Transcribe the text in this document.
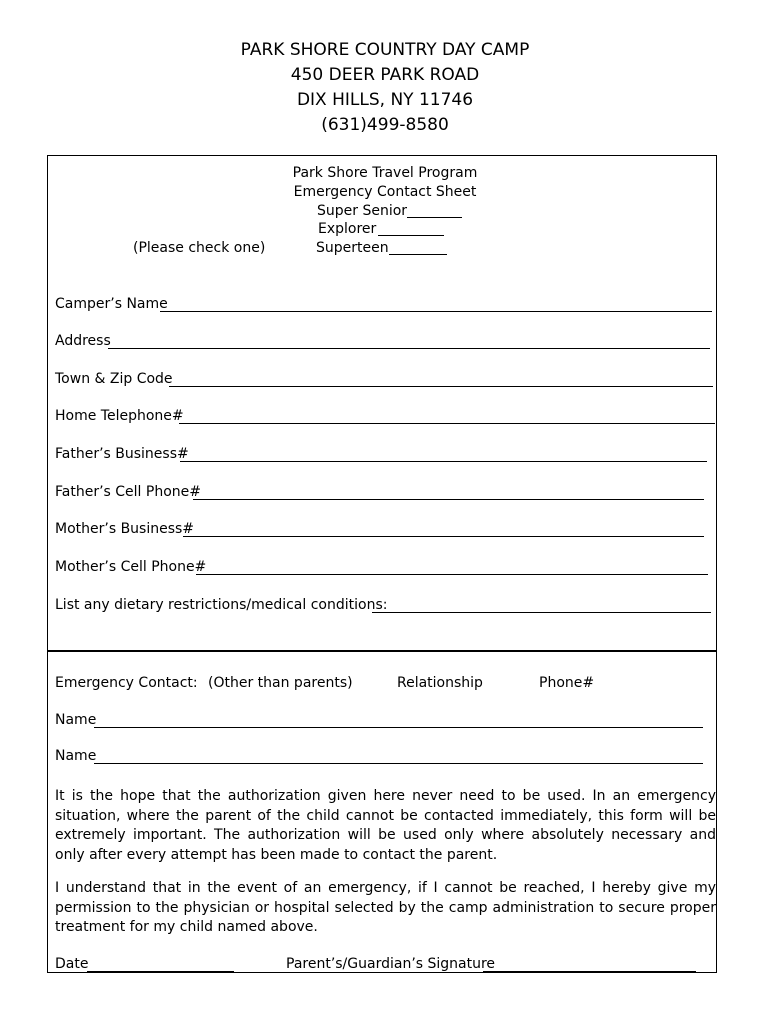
PARK SHORE COUNTRY DAY CAMP
450 DEER PARK ROAD
DIX HILLS, NY 11746
(631)499-8580
Park Shore Travel Program
Emergency Contact Sheet
Super Senior
Explorer
(Please check one)	Superteen
Camper’s Name
Address
Town & Zip Code
Home Telephone#
Father’s Business#
Father’s Cell Phone#
Mother’s Business#
Mother’s Cell Phone#
List any dietary restrictions/medical conditions:
Emergency Contact: (Other than parents)	Relationship	Phone#
Name
Name

It is the hope that the authorization given here never need to be used. In an emergency situation, where the parent of the child cannot be contacted immediately, this form will be extremely important. The authorization will be used only where absolutely necessary and only after every attempt has been made to contact the parent.

I understand that in the event of an emergency, if I cannot be reached, I hereby give my permission to the physician or hospital selected by the camp administration to secure proper treatment for my child named above.

Date	Parent’s/Guardian’s Signature
